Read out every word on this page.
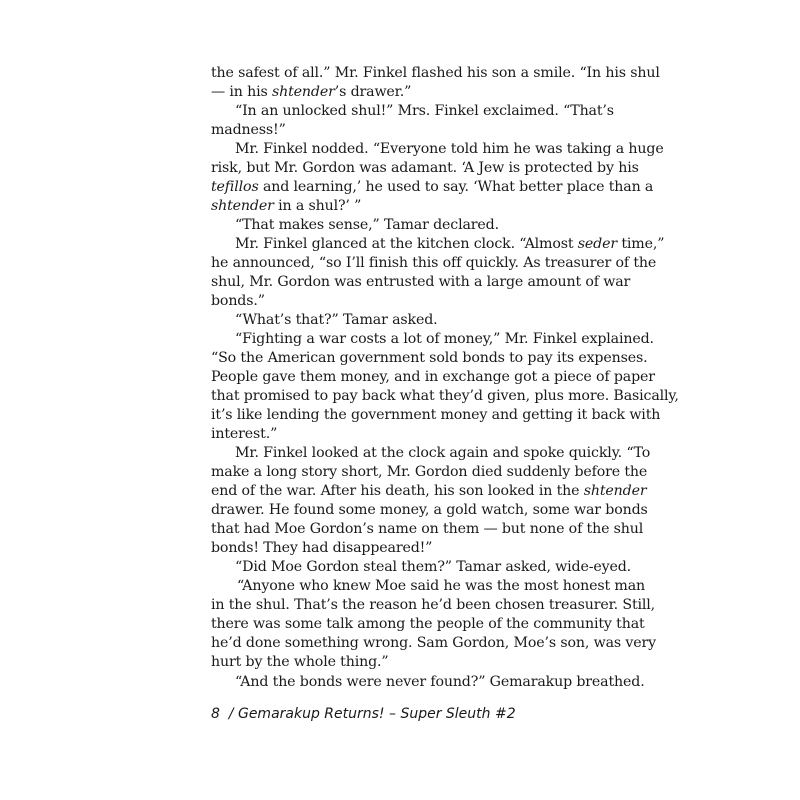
the safest of all.” Mr. Finkel flashed his son a smile. “In his shul
— in his shtender’s drawer.”
“In an unlocked shul!” Mrs. Finkel exclaimed. “That’s
madness!”
Mr. Finkel nodded. “Everyone told him he was taking a huge
risk, but Mr. Gordon was adamant. ‘A Jew is protected by his
tefillos and learning,’ he used to say. ‘What better place than a
shtender in a shul?’ ”
“That makes sense,” Tamar declared.
Mr. Finkel glanced at the kitchen clock. “Almost seder time,”
he announced, “so I’ll finish this off quickly. As treasurer of the
shul, Mr. Gordon was entrusted with a large amount of war
bonds.”
“What’s that?” Tamar asked.
“Fighting a war costs a lot of money,” Mr. Finkel explained.
“So the American government sold bonds to pay its expenses.
People gave them money, and in exchange got a piece of paper
that promised to pay back what they’d given, plus more. Basically,
it’s like lending the government money and getting it back with
interest.”
Mr. Finkel looked at the clock again and spoke quickly. “To
make a long story short, Mr. Gordon died suddenly before the
end of the war. After his death, his son looked in the shtender
drawer. He found some money, a gold watch, some war bonds
that had Moe Gordon’s name on them — but none of the shul
bonds! They had disappeared!”
“Did Moe Gordon steal them?” Tamar asked, wide-eyed.
“Anyone who knew Moe said he was the most honest man
in the shul. That’s the reason he’d been chosen treasurer. Still,
there was some talk among the people of the community that
he’d done something wrong. Sam Gordon, Moe’s son, was very
hurt by the whole thing.”
“And the bonds were never found?” Gemarakup breathed.
8  / Gemarakup Returns! – Super Sleuth #2
